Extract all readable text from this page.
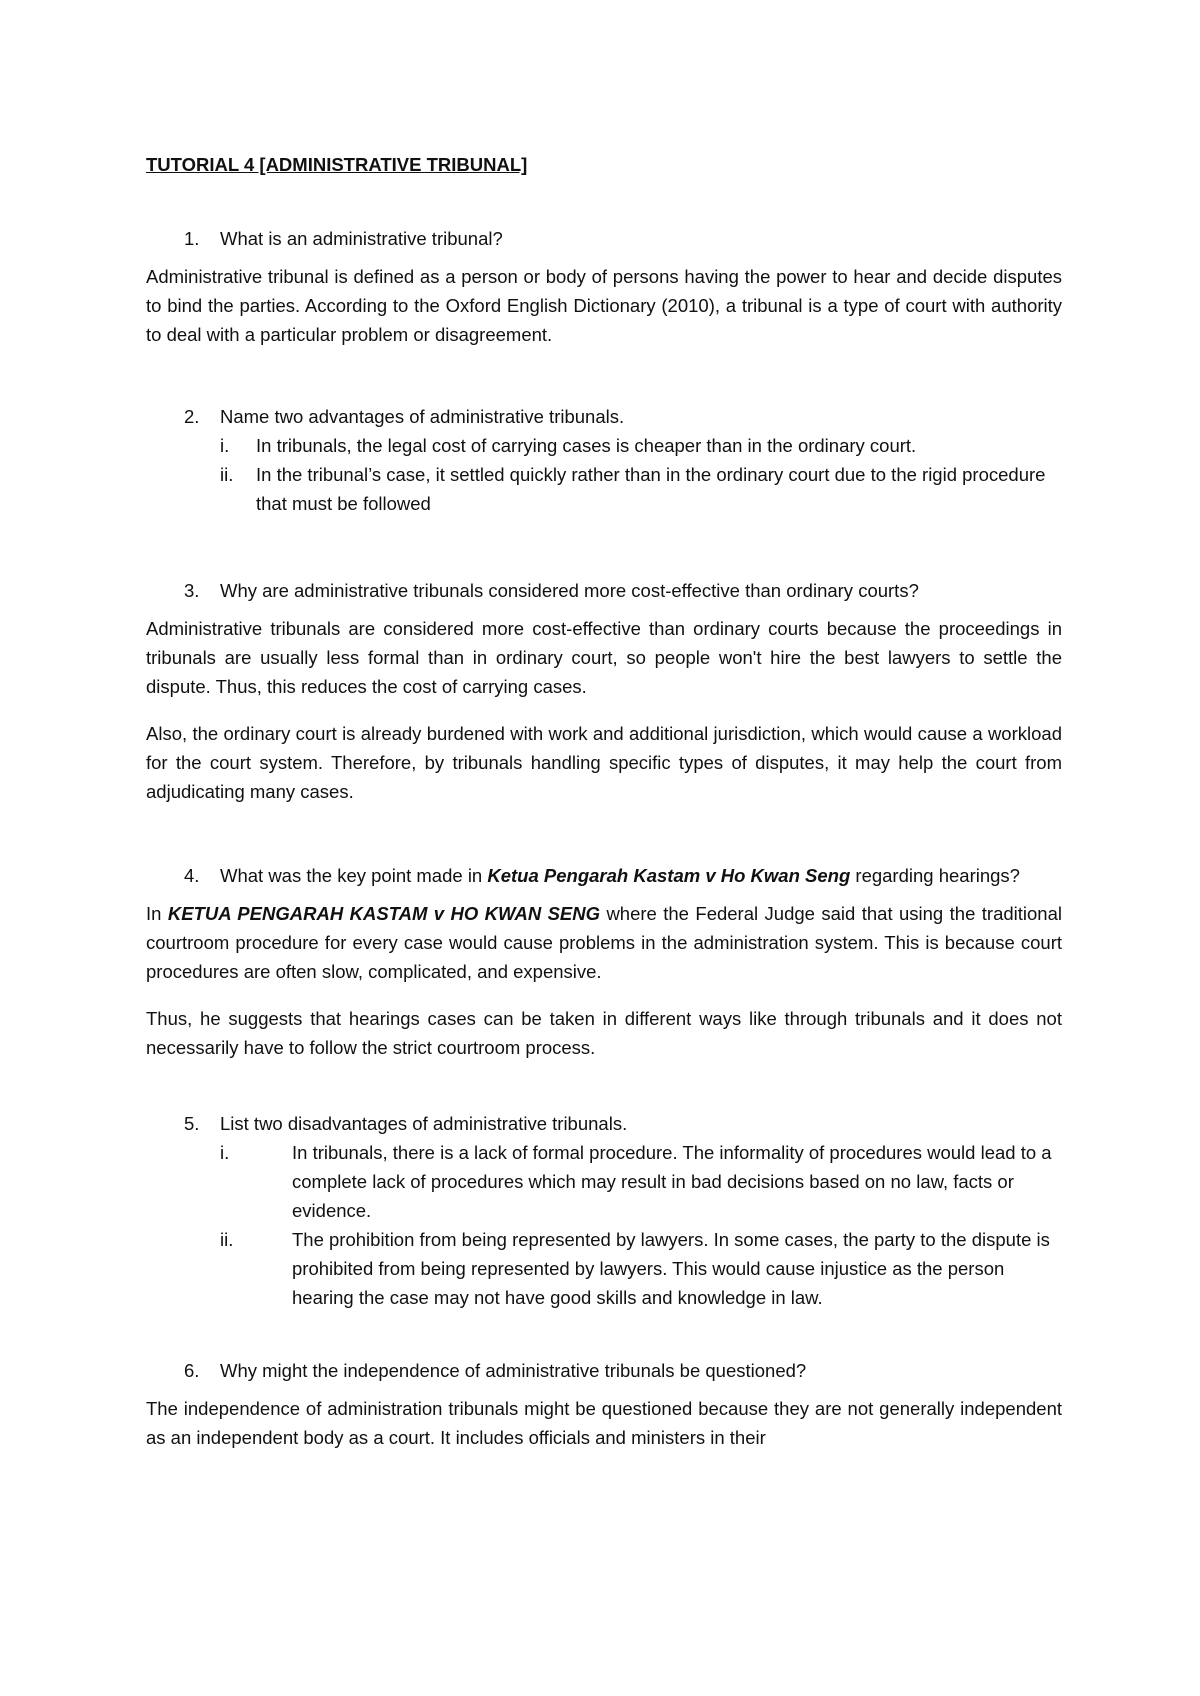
TUTORIAL 4 [ADMINISTRATIVE TRIBUNAL]
1.	What is an administrative tribunal?

Administrative tribunal is defined as a person or body of persons having the power to hear and decide disputes to bind the parties. According to the Oxford English Dictionary (2010), a tribunal is a type of court with authority to deal with a particular problem or disagreement.

2.	Name two advantages of administrative tribunals.
i.	In tribunals, the legal cost of carrying cases is cheaper than in the ordinary court.
ii.	In the tribunal’s case, it settled quickly rather than in the ordinary court due to the rigid procedure that must be followed
3.	Why are administrative tribunals considered more cost-effective than ordinary courts?

Administrative tribunals are considered more cost-effective than ordinary courts because the proceedings in tribunals are usually less formal than in ordinary court, so people won't hire the best lawyers to settle the dispute. Thus, this reduces the cost of carrying cases.

Also, the ordinary court is already burdened with work and additional jurisdiction, which would cause a workload for the court system. Therefore, by tribunals handling specific types of disputes, it may help the court from adjudicating many cases.

4.	What was the key point made in Ketua Pengarah Kastam v Ho Kwan Seng regarding hearings?

In KETUA PENGARAH KASTAM v HO KWAN SENG where the Federal Judge said that using the traditional courtroom procedure for every case would cause problems in the administration system. This is because court procedures are often slow, complicated, and expensive.

Thus, he suggests that hearings cases can be taken in different ways like through tribunals and it does not necessarily have to follow the strict courtroom process.

5.	List two disadvantages of administrative tribunals.
i.	In tribunals, there is a lack of formal procedure. The informality of procedures would lead to a complete lack of procedures which may result in bad decisions based on no law, facts or evidence.
ii.	The prohibition from being represented by lawyers. In some cases, the party to the dispute is prohibited from being represented by lawyers. This would cause injustice as the person hearing the case may not have good skills and knowledge in law.
6.	Why might the independence of administrative tribunals be questioned?

The independence of administration tribunals might be questioned because they are not generally independent as an independent body as a court. It includes officials and ministers in their
